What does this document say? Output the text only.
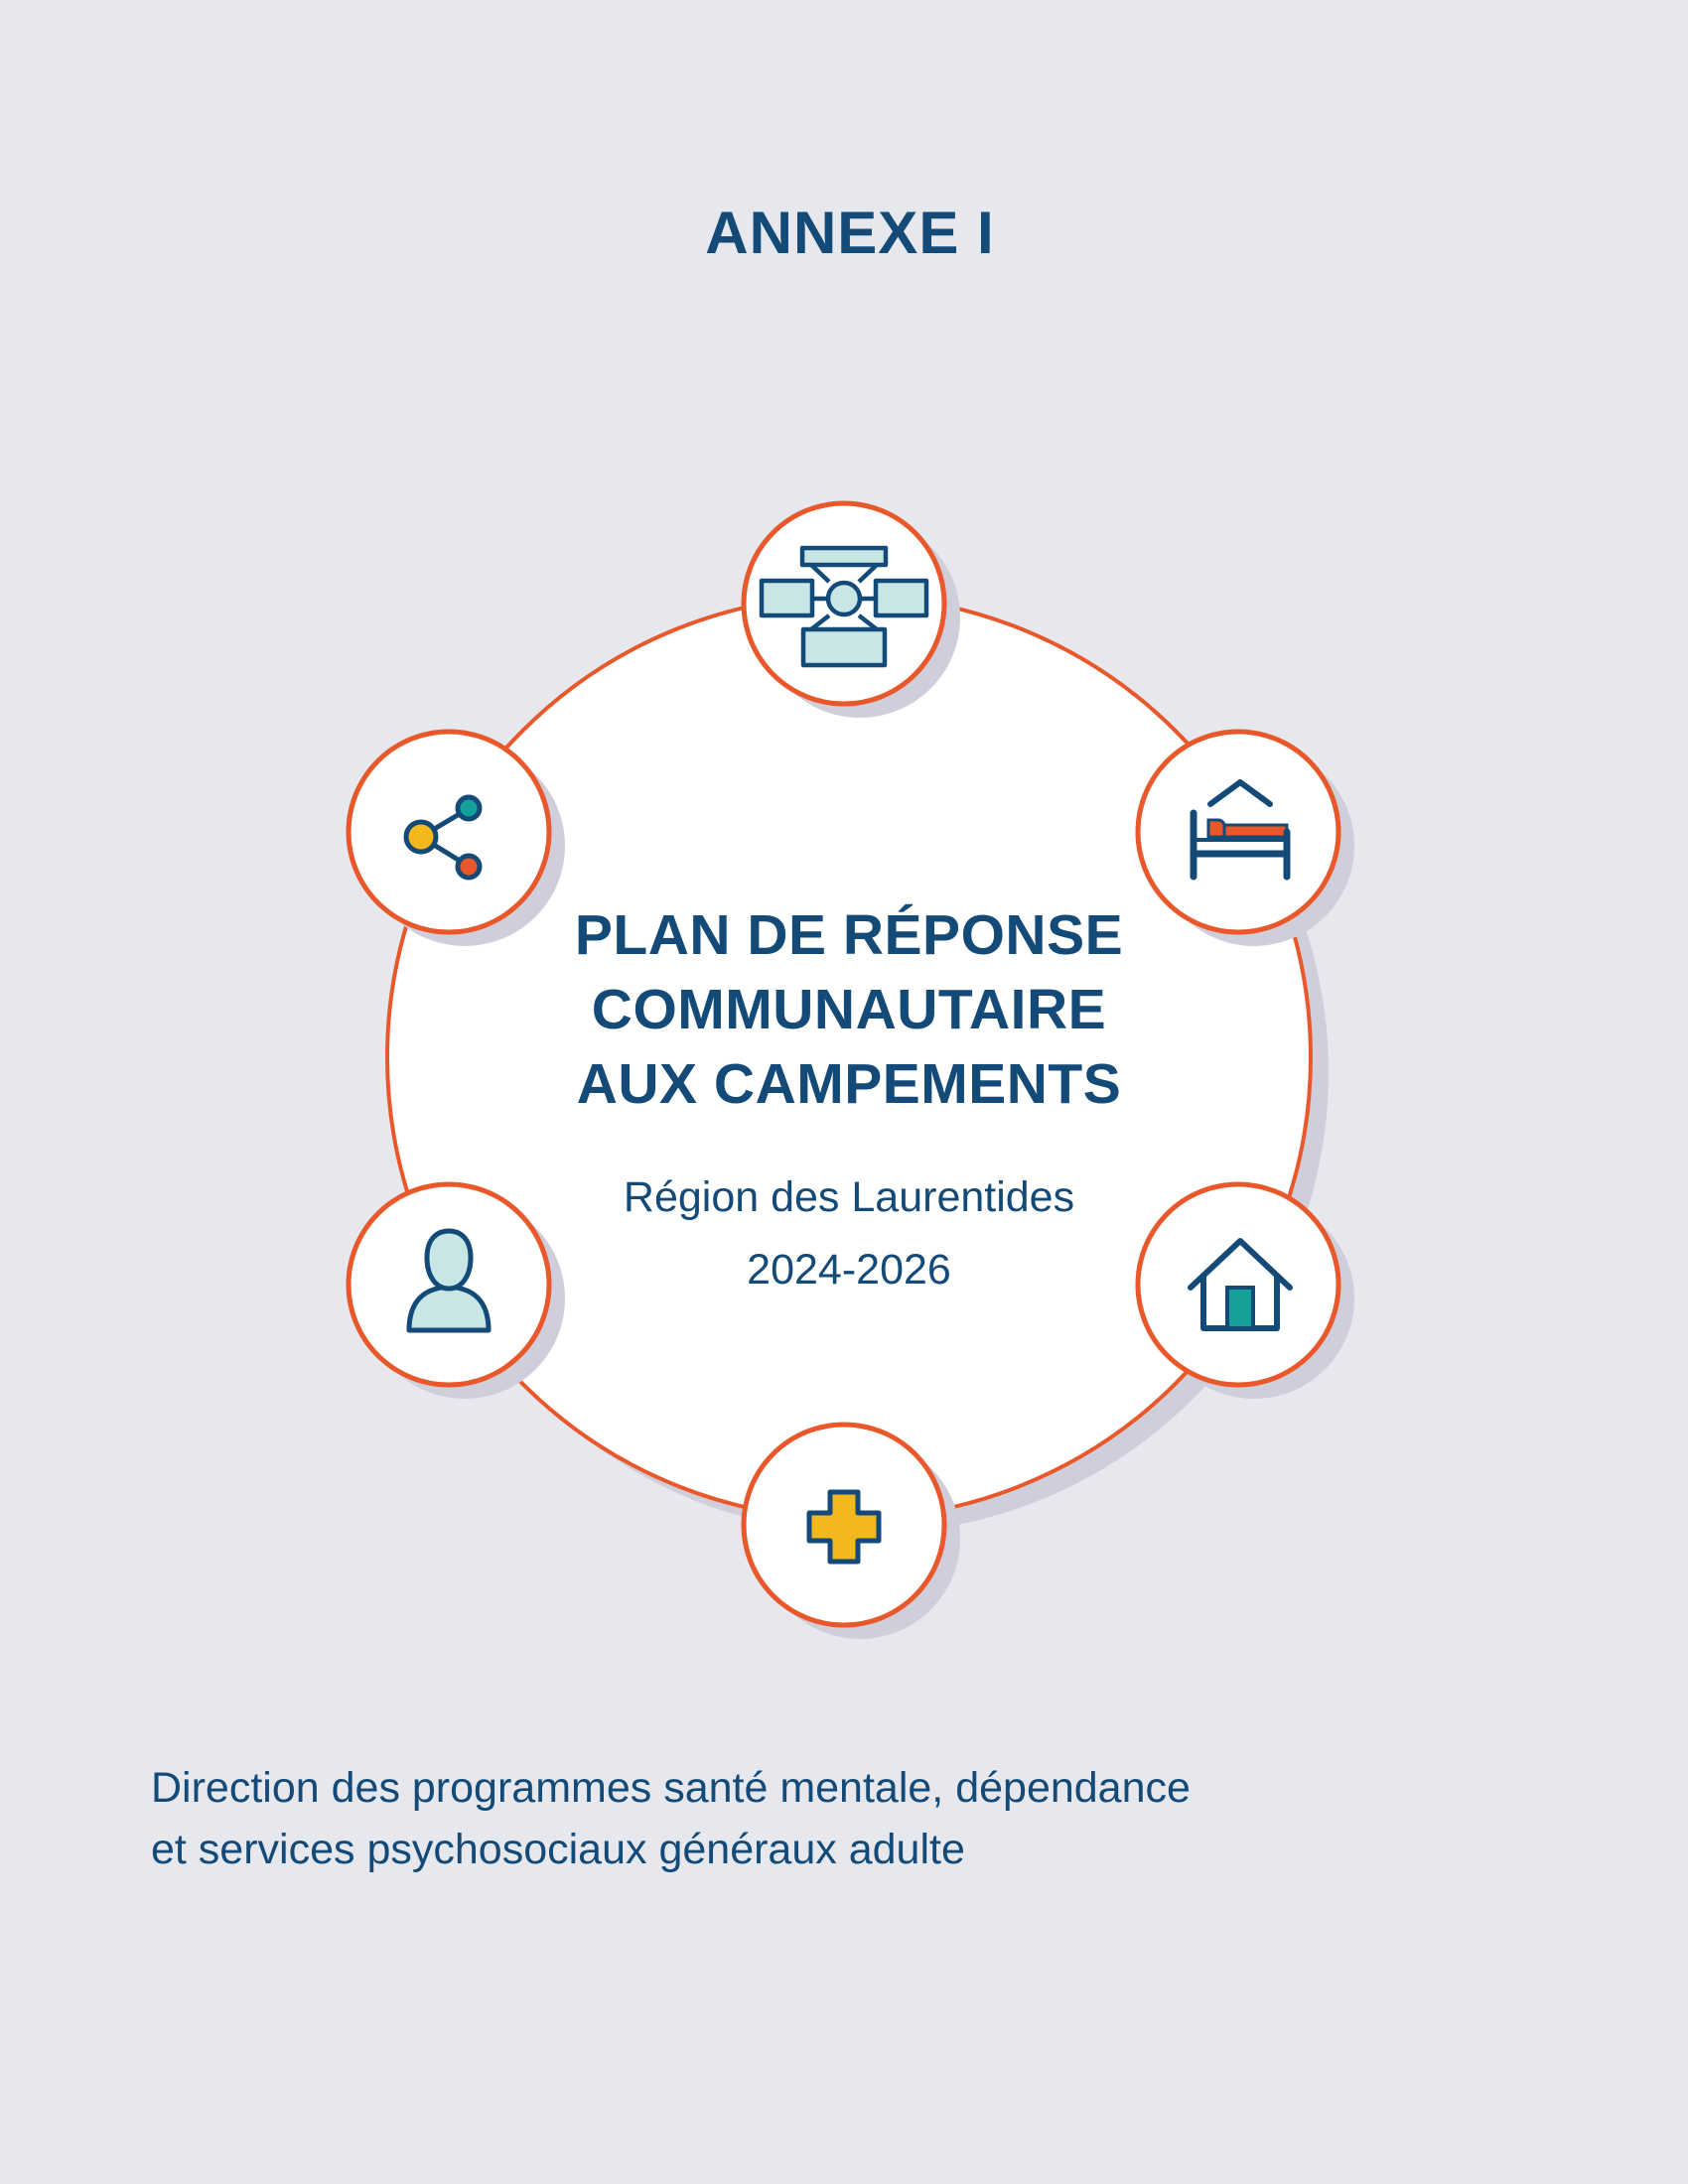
ANNEXE I
PLAN DE RÉPONSE
COMMUNAUTAIRE
AUX CAMPEMENTS
Région des Laurentides
2024-2026
Direction des programmes santé mentale, dépendance
et services psychosociaux généraux adulte
